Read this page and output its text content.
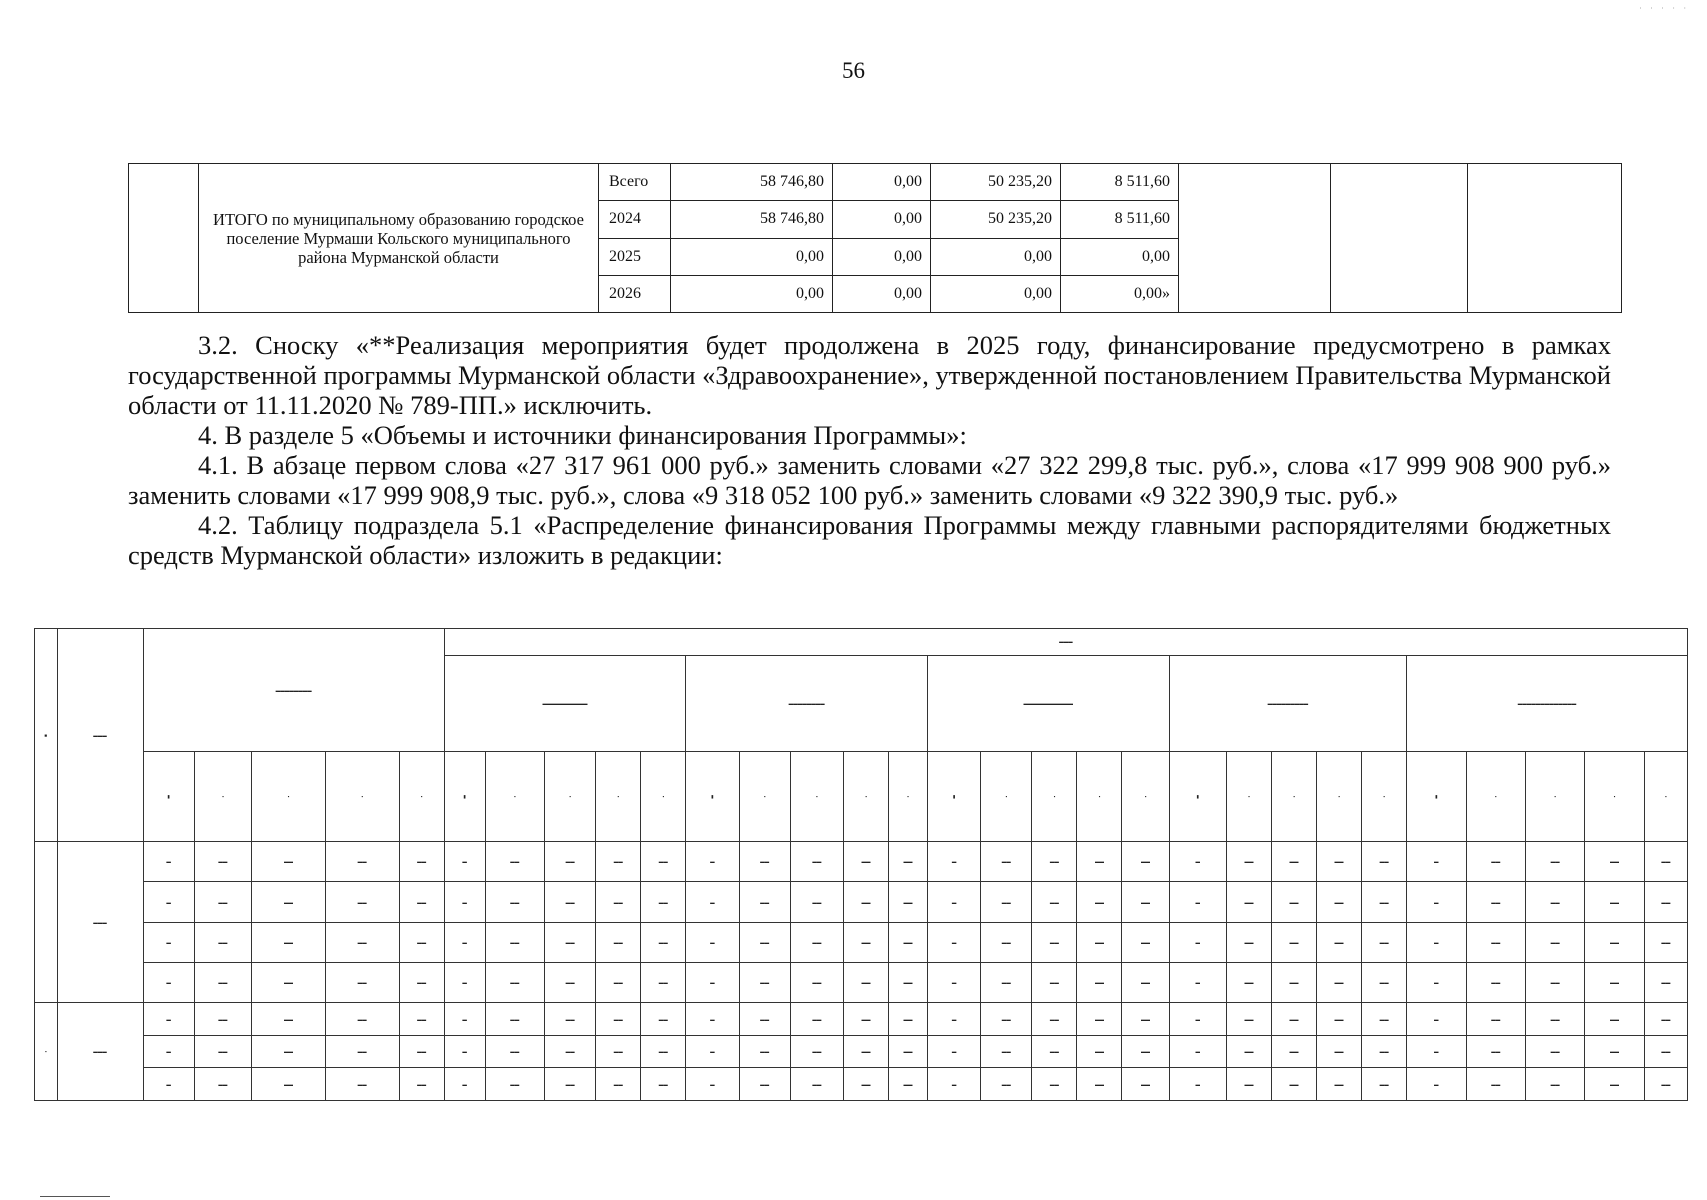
56
· · · · ·
	ИТОГО по муниципальному образованию городское поселение Мурмаши Кольского муниципального района Мурманской области	Всего	58 746,80	0,00	50 235,20	8 511,60			
		2024	58 746,80	0,00	50 235,20	8 511,60			
		2025	0,00	0,00	0,00	0,00			
		2026	0,00	0,00	0,00	0,00»			

3.2. Сноску «**Реализация мероприятия будет продолжена в 2025 году, финансирование предусмотрено в рамках государственной программы Мурманской области «Здравоохранение», утвержденной постановлением Правительства Мурманской области от 11.11.2020 № 789-ПП.» исключить.

4. В разделе 5 «Объемы и источники финансирования Программы»:

4.1. В абзаце первом слова «27 317 961 000 руб.» заменить словами «27 322 299,8 тыс. руб.», слова «17 999 908 900 руб.» заменить словами «17 999 908,9 тыс. руб.», слова «9 318 052 100 руб.» заменить словами «9 322 390,9 тыс. руб.»

4.2. Таблицу подраздела 5.1 «Распределение финансирования Программы между главными распорядителями бюджетных средств Мурманской области» изложить в редакции:

■	▬▬▬	▬▬▬▬▬▬▬▬					▬▬▬																								
							▬▬▬▬▬▬▬▬▬▬					▬▬▬▬▬▬▬▬					▬▬▬▬▬▬▬▬▬▬▬					▬▬▬▬▬▬▬▬▬					▬▬▬▬▬▬▬▬▬▬▬▬▬				
		▮	▪	▪	▪	▪	▮	▪	▪	▪	▪	▮	▪	▪	▪	▪	▮	▪	▪	▪	▪	▮	▪	▪	▪	▪	▮	▪	▪	▪	▪
	▬▬▬	▬	▬▬	▬▬	▬▬	▬▬	▬	▬▬	▬▬	▬▬	▬▬	▬	▬▬	▬▬	▬▬	▬▬	▬	▬▬	▬▬	▬▬	▬▬	▬	▬▬	▬▬	▬▬	▬▬	▬	▬▬	▬▬	▬▬	▬▬
		▬	▬▬	▬▬	▬▬	▬▬	▬	▬▬	▬▬	▬▬	▬▬	▬	▬▬	▬▬	▬▬	▬▬	▬	▬▬	▬▬	▬▬	▬▬	▬	▬▬	▬▬	▬▬	▬▬	▬	▬▬	▬▬	▬▬	▬▬
		▬	▬▬	▬▬	▬▬	▬▬	▬	▬▬	▬▬	▬▬	▬▬	▬	▬▬	▬▬	▬▬	▬▬	▬	▬▬	▬▬	▬▬	▬▬	▬	▬▬	▬▬	▬▬	▬▬	▬	▬▬	▬▬	▬▬	▬▬
		▬	▬▬	▬▬	▬▬	▬▬	▬	▬▬	▬▬	▬▬	▬▬	▬	▬▬	▬▬	▬▬	▬▬	▬	▬▬	▬▬	▬▬	▬▬	▬	▬▬	▬▬	▬▬	▬▬	▬	▬▬	▬▬	▬▬	▬▬
▪	▬▬▬	▬	▬▬	▬▬	▬▬	▬▬	▬	▬▬	▬▬	▬▬	▬▬	▬	▬▬	▬▬	▬▬	▬▬	▬	▬▬	▬▬	▬▬	▬▬	▬	▬▬	▬▬	▬▬	▬▬	▬	▬▬	▬▬	▬▬	▬▬
		▬	▬▬	▬▬	▬▬	▬▬	▬	▬▬	▬▬	▬▬	▬▬	▬	▬▬	▬▬	▬▬	▬▬	▬	▬▬	▬▬	▬▬	▬▬	▬	▬▬	▬▬	▬▬	▬▬	▬	▬▬	▬▬	▬▬	▬▬
		▬	▬▬	▬▬	▬▬	▬▬	▬	▬▬	▬▬	▬▬	▬▬	▬	▬▬	▬▬	▬▬	▬▬	▬	▬▬	▬▬	▬▬	▬▬	▬	▬▬	▬▬	▬▬	▬▬	▬	▬▬	▬▬	▬▬	▬▬
